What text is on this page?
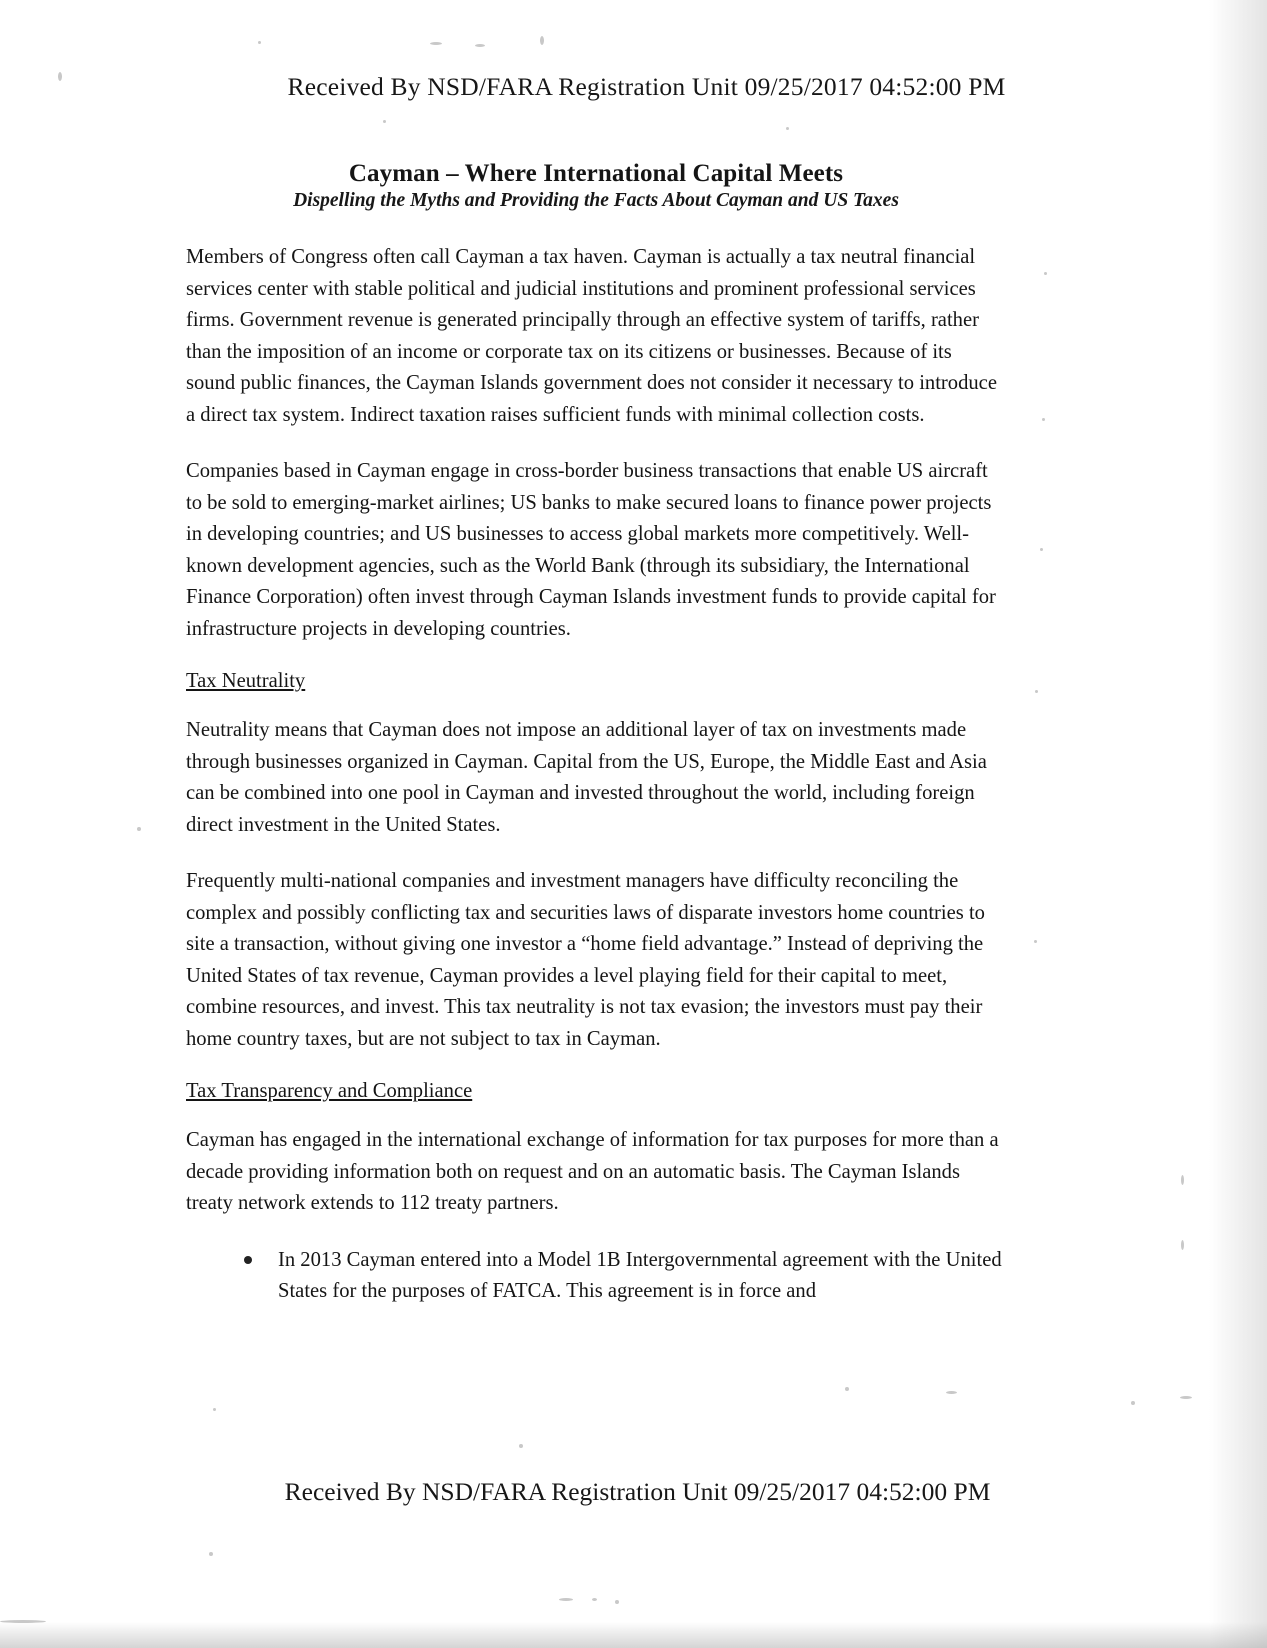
Received By NSD/FARA Registration Unit 09/25/2017 04:52:00 PM
Cayman – Where International Capital Meets
Dispelling the Myths and Providing the Facts About Cayman and US Taxes

Members of Congress often call Cayman a tax haven. Cayman is actually a tax neutral financial services center with stable political and judicial institutions and prominent professional services firms. Government revenue is generated principally through an effective system of tariffs, rather than the imposition of an income or corporate tax on its citizens or businesses. Because of its sound public finances, the Cayman Islands government does not consider it necessary to introduce a direct tax system. Indirect taxation raises sufficient funds with minimal collection costs.

Companies based in Cayman engage in cross-border business transactions that enable US aircraft to be sold to emerging-market airlines; US banks to make secured loans to finance power projects in developing countries; and US businesses to access global markets more competitively. Well-known development agencies, such as the World Bank (through its subsidiary, the International Finance Corporation) often invest through Cayman Islands investment funds to provide capital for infrastructure projects in developing countries.

Tax Neutrality

Neutrality means that Cayman does not impose an additional layer of tax on investments made through businesses organized in Cayman. Capital from the US, Europe, the Middle East and Asia can be combined into one pool in Cayman and invested throughout the world, including foreign direct investment in the United States.

Frequently multi-national companies and investment managers have difficulty reconciling the complex and possibly conflicting tax and securities laws of disparate investors home countries to site a transaction, without giving one investor a “home field advantage.” Instead of depriving the United States of tax revenue, Cayman provides a level playing field for their capital to meet, combine resources, and invest. This tax neutrality is not tax evasion; the investors must pay their home country taxes, but are not subject to tax in Cayman.

Tax Transparency and Compliance

Cayman has engaged in the international exchange of information for tax purposes for more than a decade providing information both on request and on an automatic basis. The Cayman Islands treaty network extends to 112 treaty partners.

In 2013 Cayman entered into a Model 1B Intergovernmental agreement with the United States for the purposes of FATCA. This agreement is in force and
Received By NSD/FARA Registration Unit 09/25/2017 04:52:00 PM
